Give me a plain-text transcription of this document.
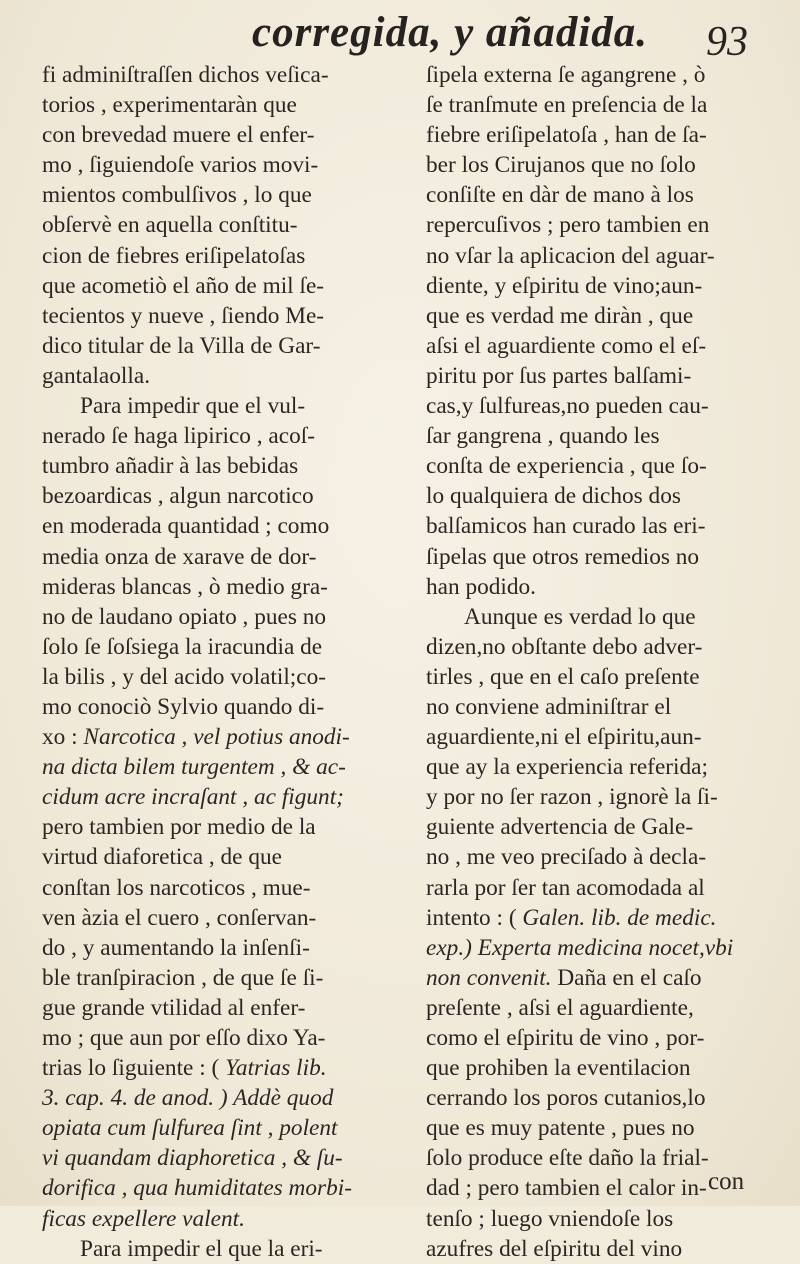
corregida, y añadida. 93
fi adminiſtraſſen dichos veſica-
torios , experimentaràn que
con brevedad muere el enfer-
mo , ſiguiendoſe varios movi-
mientos combulſivos , lo que
obſervè en aquella conſtitu-
cion de fiebres eriſipelatoſas
que acometiò el año de mil ſe-
tecientos y nueve , ſiendo Me-
dico titular de la Villa de Gar-
gantalaolla.
Para impedir que el vul-
nerado ſe haga lipirico , acoſ-
tumbro añadir à las bebidas
bezoardicas , algun narcotico
en moderada quantidad ; como
media onza de xarave de dor-
mideras blancas , ò medio gra-
no de laudano opiato , pues no
ſolo ſe ſoſsiega la iracundia de
la bilis , y del acido volatil;co-
mo conociò Sylvio quando di-
xo : Narcotica , vel potius anodi-
na dicta bilem turgentem , & ac-
cidum acre incraſant , ac figunt;
pero tambien por medio de la
virtud diaforetica , de que
conſtan los narcoticos , mue-
ven àzia el cuero , conſervan-
do , y aumentando la inſenſi-
ble tranſpiracion , de que ſe ſi-
gue grande vtilidad al enfer-
mo ; que aun por eſſo dixo Ya-
trias lo ſiguiente : ( Yatrias lib.
3. cap. 4. de anod. ) Addè quod
opiata cum ſulfurea ſint , polent
vi quandam diaphoretica , & ſu-
dorifica , qua humiditates morbi-
ficas expellere valent.
Para impedir el que la eri-
ſipela externa ſe agangrene , ò
ſe tranſmute en preſencia de la
fiebre eriſipelatoſa , han de ſa-
ber los Cirujanos que no ſolo
conſiſte en dàr de mano à los
repercuſivos ; pero tambien en
no vſar la aplicacion del aguar-
diente, y eſpiritu de vino;aun-
que es verdad me diràn , que
aſsi el aguardiente como el eſ-
piritu por ſus partes balſami-
cas,y ſulfureas,no pueden cau-
ſar gangrena , quando les
conſta de experiencia , que ſo-
lo qualquiera de dichos dos
balſamicos han curado las eri-
ſipelas que otros remedios no
han podido.
Aunque es verdad lo que
dizen,no obſtante debo adver-
tirles , que en el caſo preſente
no conviene adminiſtrar el
aguardiente,ni el eſpiritu,aun-
que ay la experiencia referida;
y por no ſer razon , ignorè la ſi-
guiente advertencia de Gale-
no , me veo preciſado à decla-
rarla por ſer tan acomodada al
intento : ( Galen. lib. de medic.
exp.) Experta medicina nocet,vbi
non convenit. Daña en el caſo
preſente , aſsi el aguardiente,
como el eſpiritu de vino , por-
que prohiben la eventilacion
cerrando los poros cutanios,lo
que es muy patente , pues no
ſolo produce eſte daño la frial-
dad ; pero tambien el calor in-
tenſo ; luego vniendoſe los
azufres del eſpiritu del vino
con
